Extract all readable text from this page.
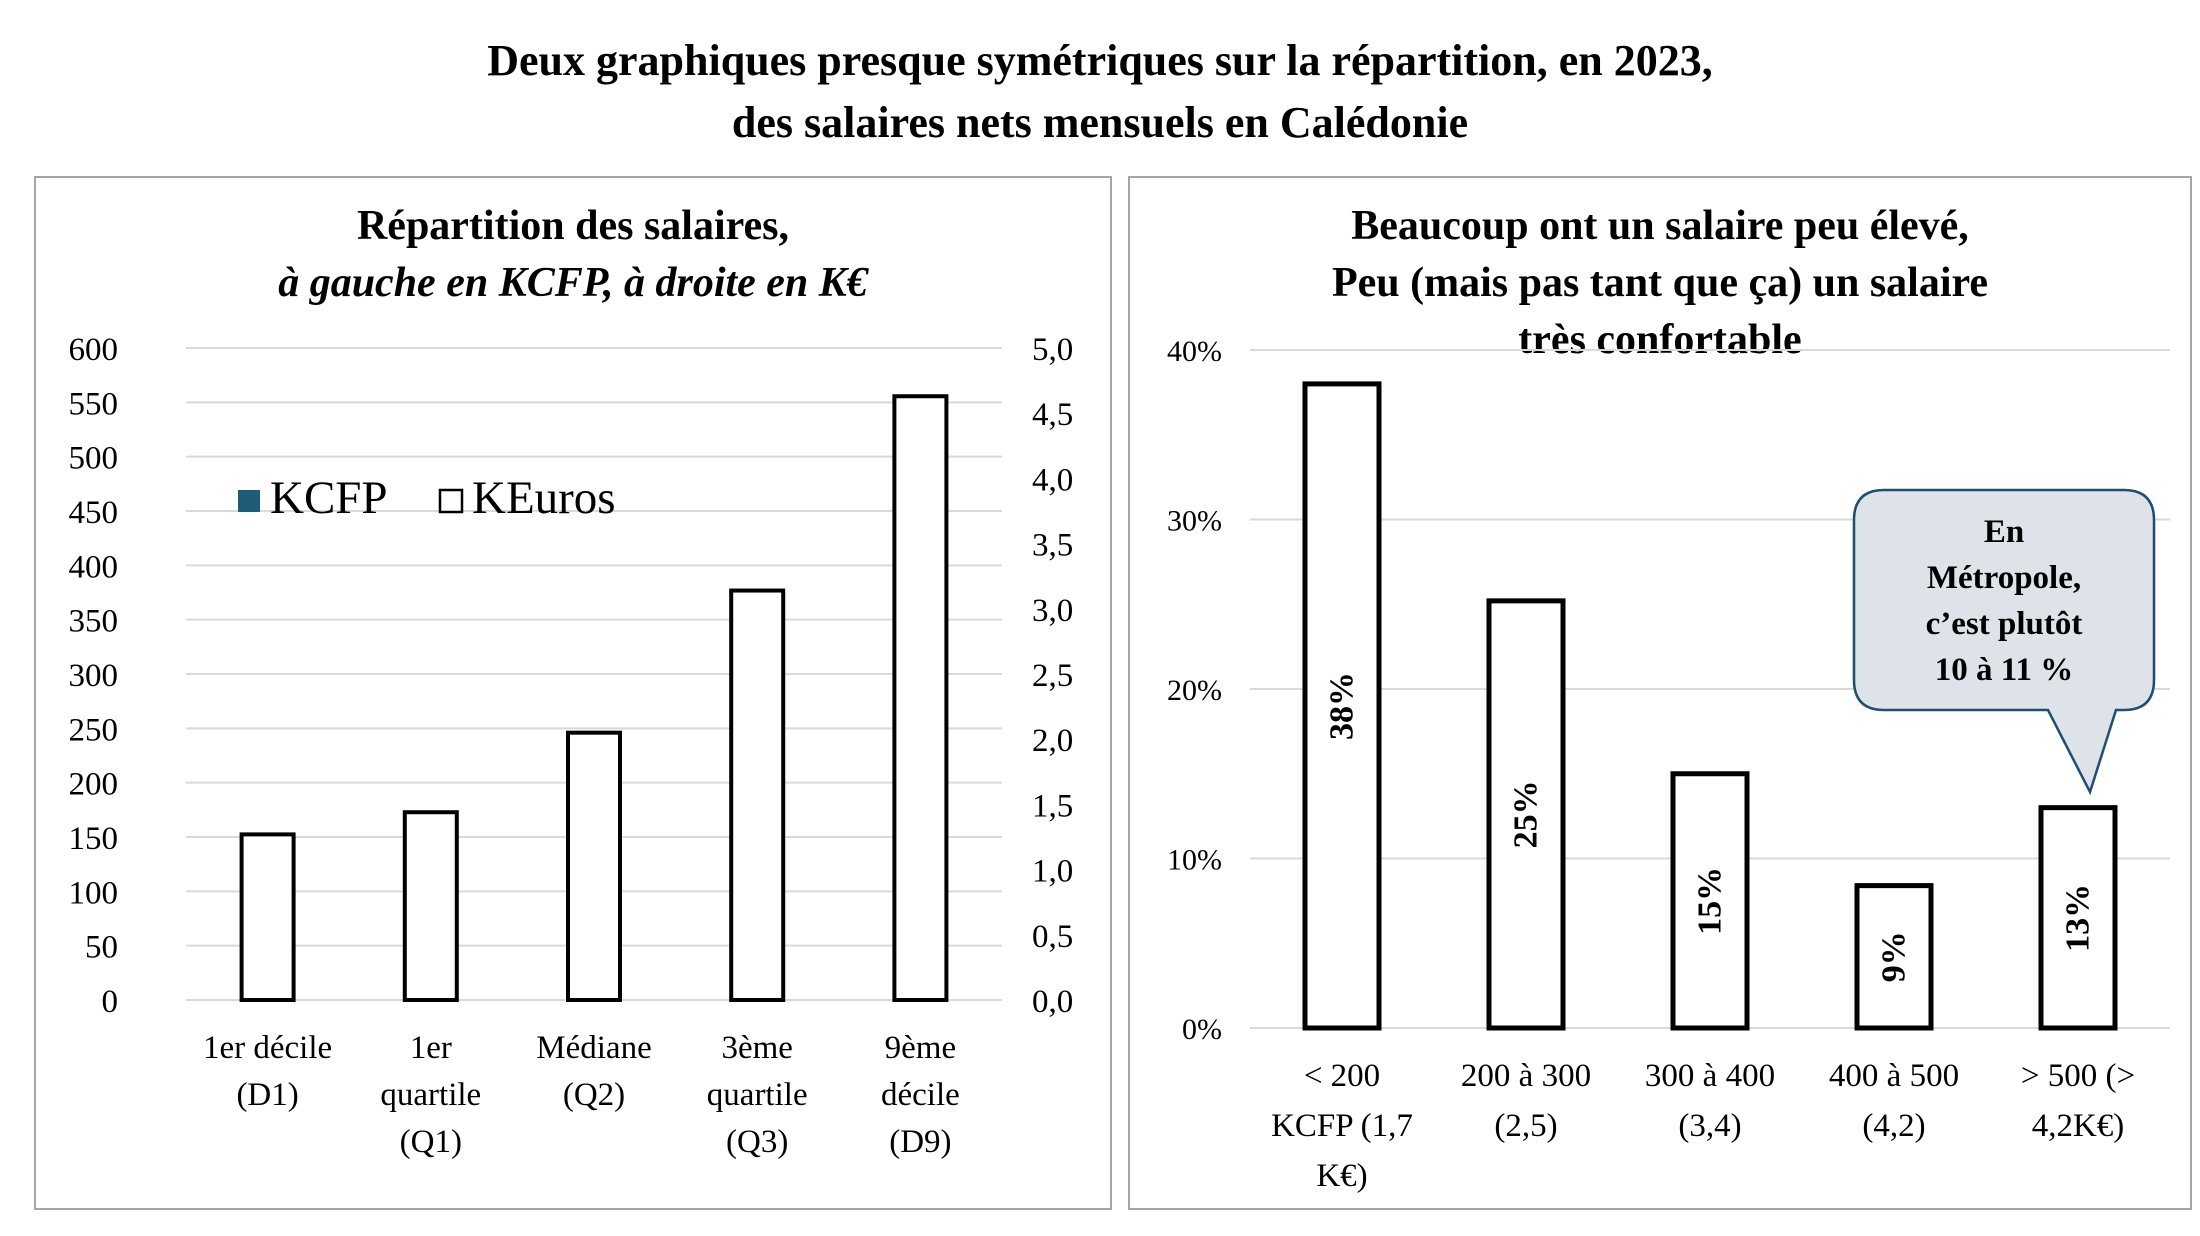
Deux graphiques presque symétriques sur la répartition, en 2023,
des salaires nets mensuels en Calédonie
Répartition des salaires,
à gauche en KCFP, à droite en K€
0
50
100
150
200
250
300
350
400
450
500
550
600
0,0
0,5
1,0
1,5
2,0
2,5
3,0
3,5
4,0
4,5
5,0
1er décile (D1)
1er quartile (Q1)
Médiane (Q2)
3ème quartile (Q3)
9ème décile (D9)
KCFP KEuros
Beaucoup ont un salaire peu élevé,
Peu (mais pas tant que ça) un salaire
très confortable
0%
10%
20%
30%
40%
38%
25%
15%
9%
13%
< 200 KCFP (1,7 K€)
200 à 300 (2,5)
300 à 400 (3,4)
400 à 500 (4,2)
> 500 (> 4,2K€)
En
Métropole,
c’est plutôt
10 à 11 %
